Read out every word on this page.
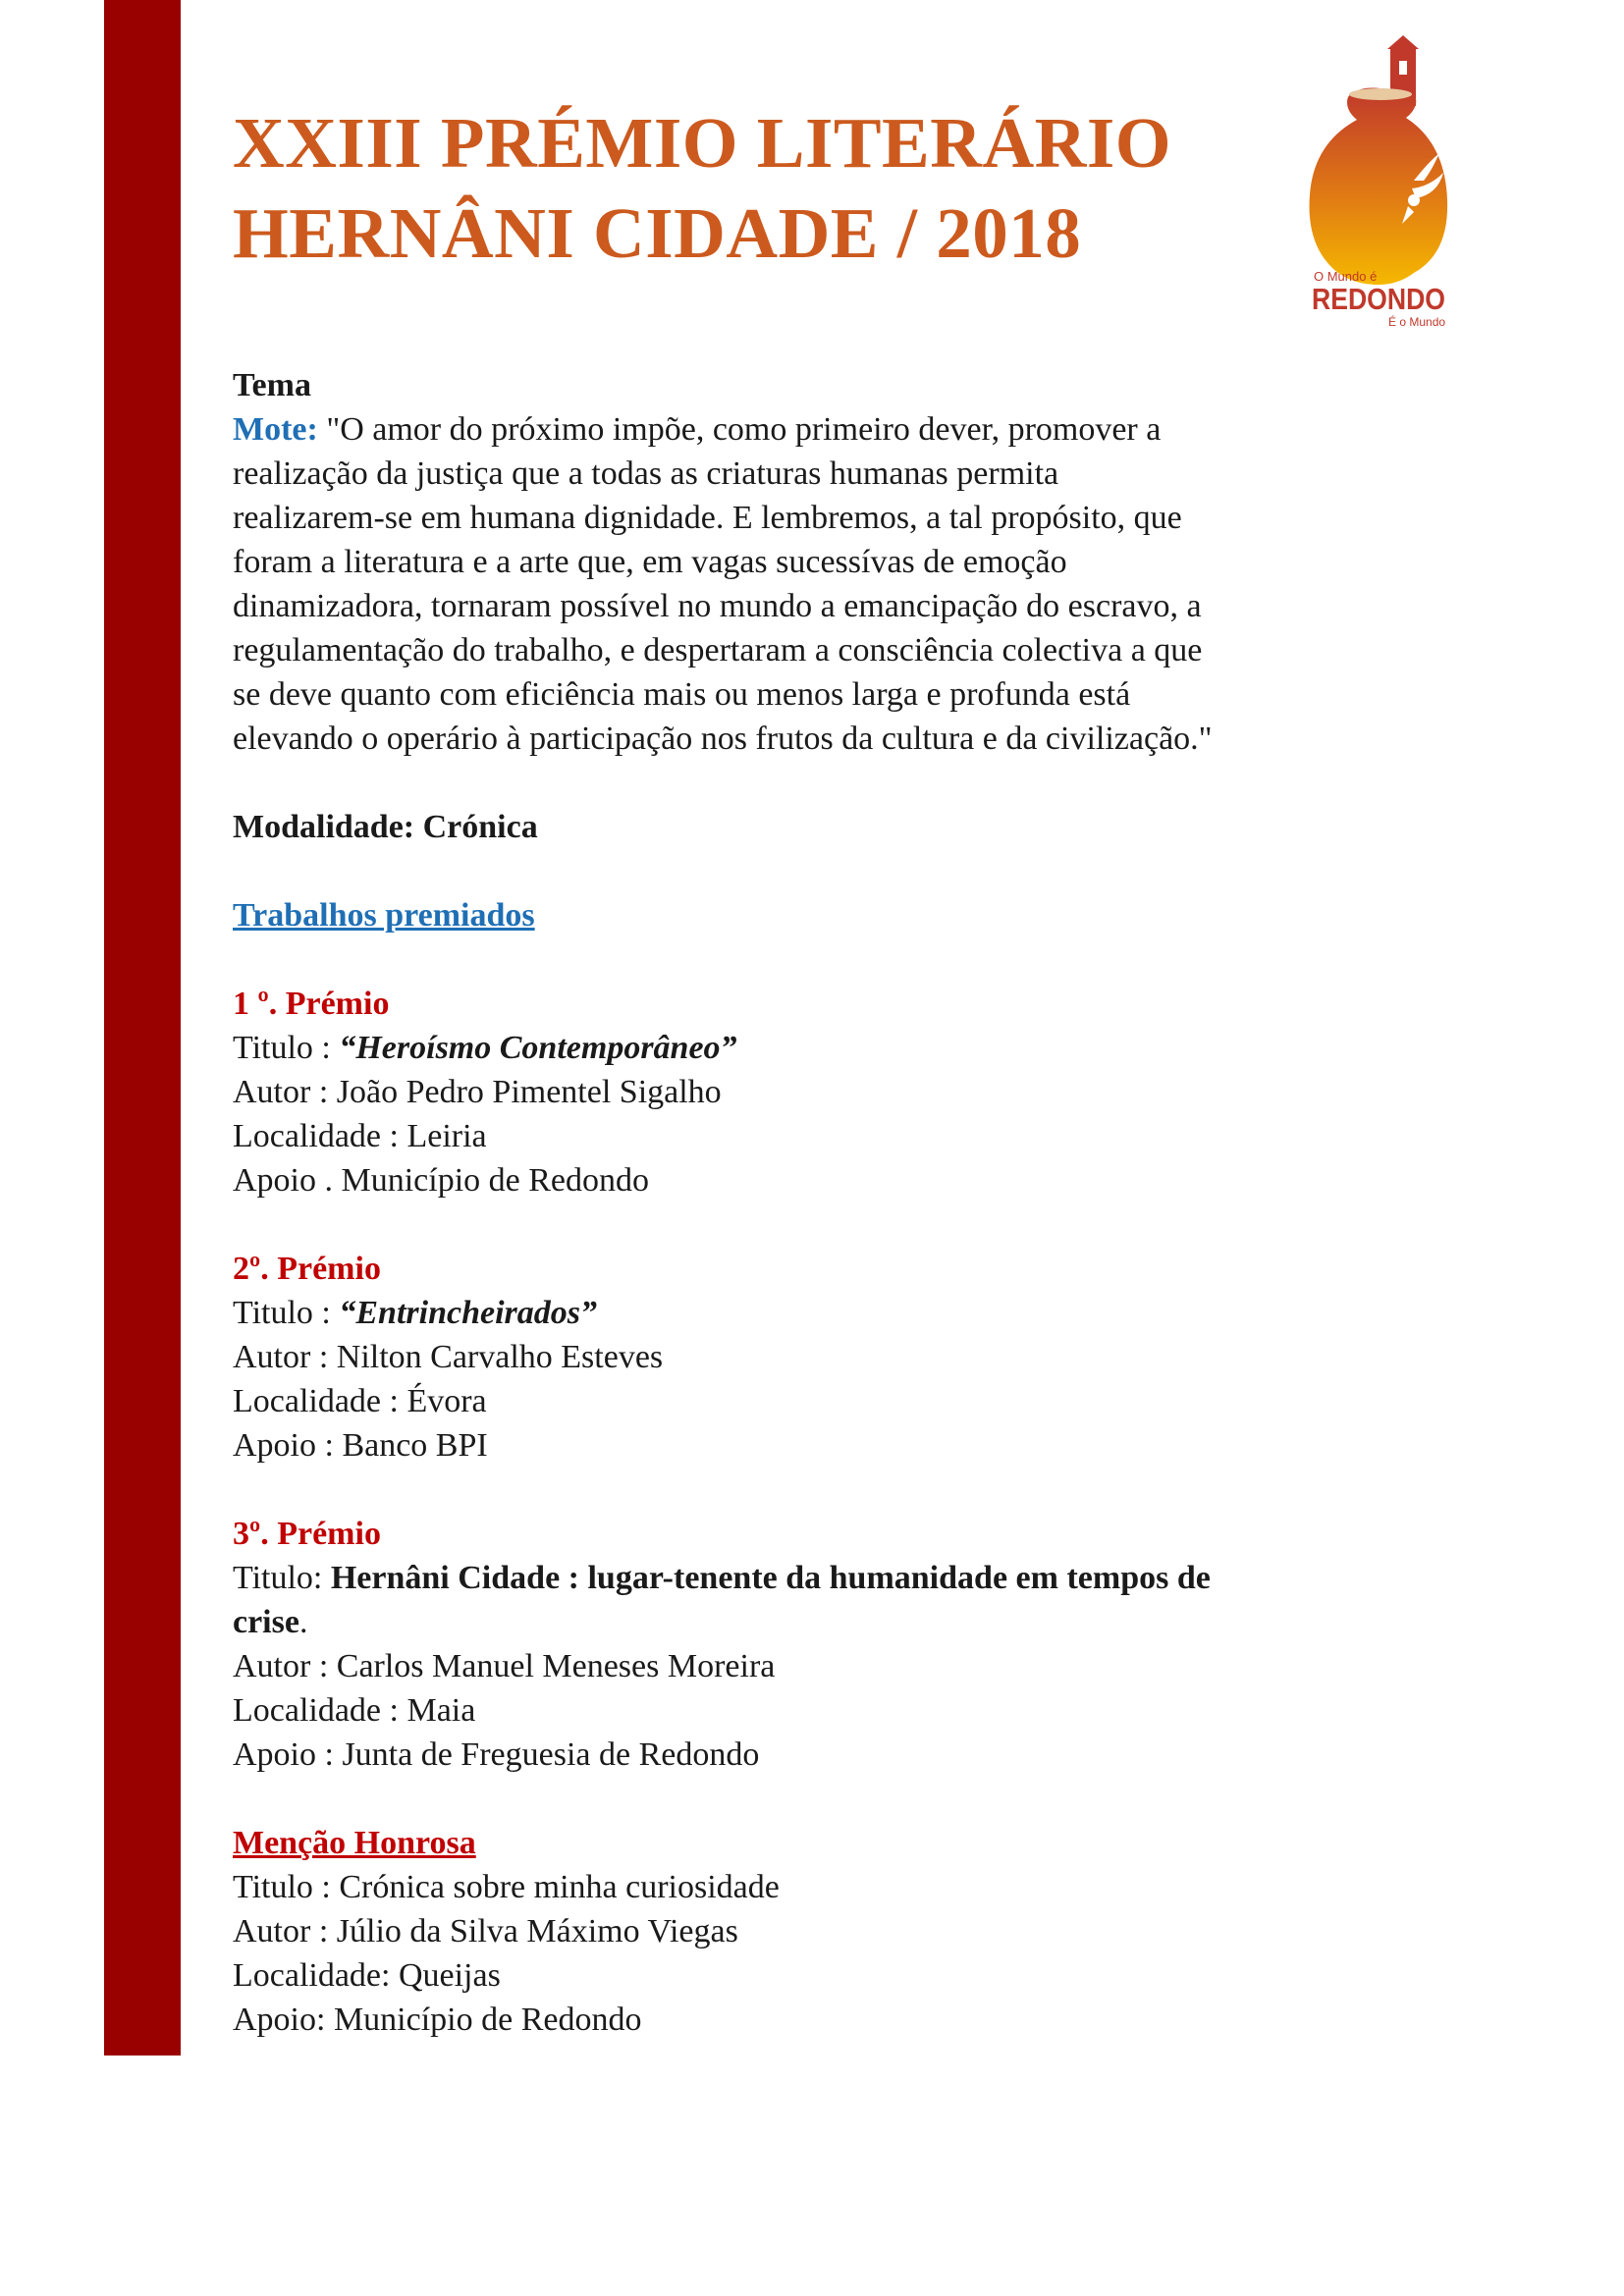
XXIII PRÉMIO LITERÁRIO
HERNÂNI CIDADE / 2018
O Mundo é
REDONDO
É o Mundo

Tema

Mote: "O amor do próximo impõe, como primeiro dever, promover a

realização da justiça que a todas as criaturas humanas permita

realizarem-se em humana dignidade. E lembremos, a tal propósito, que

foram a literatura e a arte que, em vagas sucessívas de emoção

dinamizadora, tornaram possível no mundo a emancipação do escravo, a

regulamentação do trabalho, e despertaram a consciência colectiva a que

se deve quanto com eficiência mais ou menos larga e profunda está

elevando o operário à participação nos frutos da cultura e da civilização."

Modalidade: Crónica

Trabalhos premiados

1 º. Prémio

Titulo : “Heroísmo Contemporâneo”

Autor : João Pedro Pimentel Sigalho

Localidade : Leiria

Apoio . Município de Redondo

2º. Prémio

Titulo : “Entrincheirados”

Autor : Nilton Carvalho Esteves

Localidade : Évora

Apoio : Banco BPI

3º. Prémio

Titulo: Hernâni Cidade : lugar-tenente da humanidade em tempos de

crise.

Autor : Carlos Manuel Meneses Moreira

Localidade : Maia

Apoio : Junta de Freguesia de Redondo

Menção Honrosa

Titulo : Crónica sobre minha curiosidade

Autor : Júlio da Silva Máximo Viegas

Localidade: Queijas

Apoio: Município de Redondo
